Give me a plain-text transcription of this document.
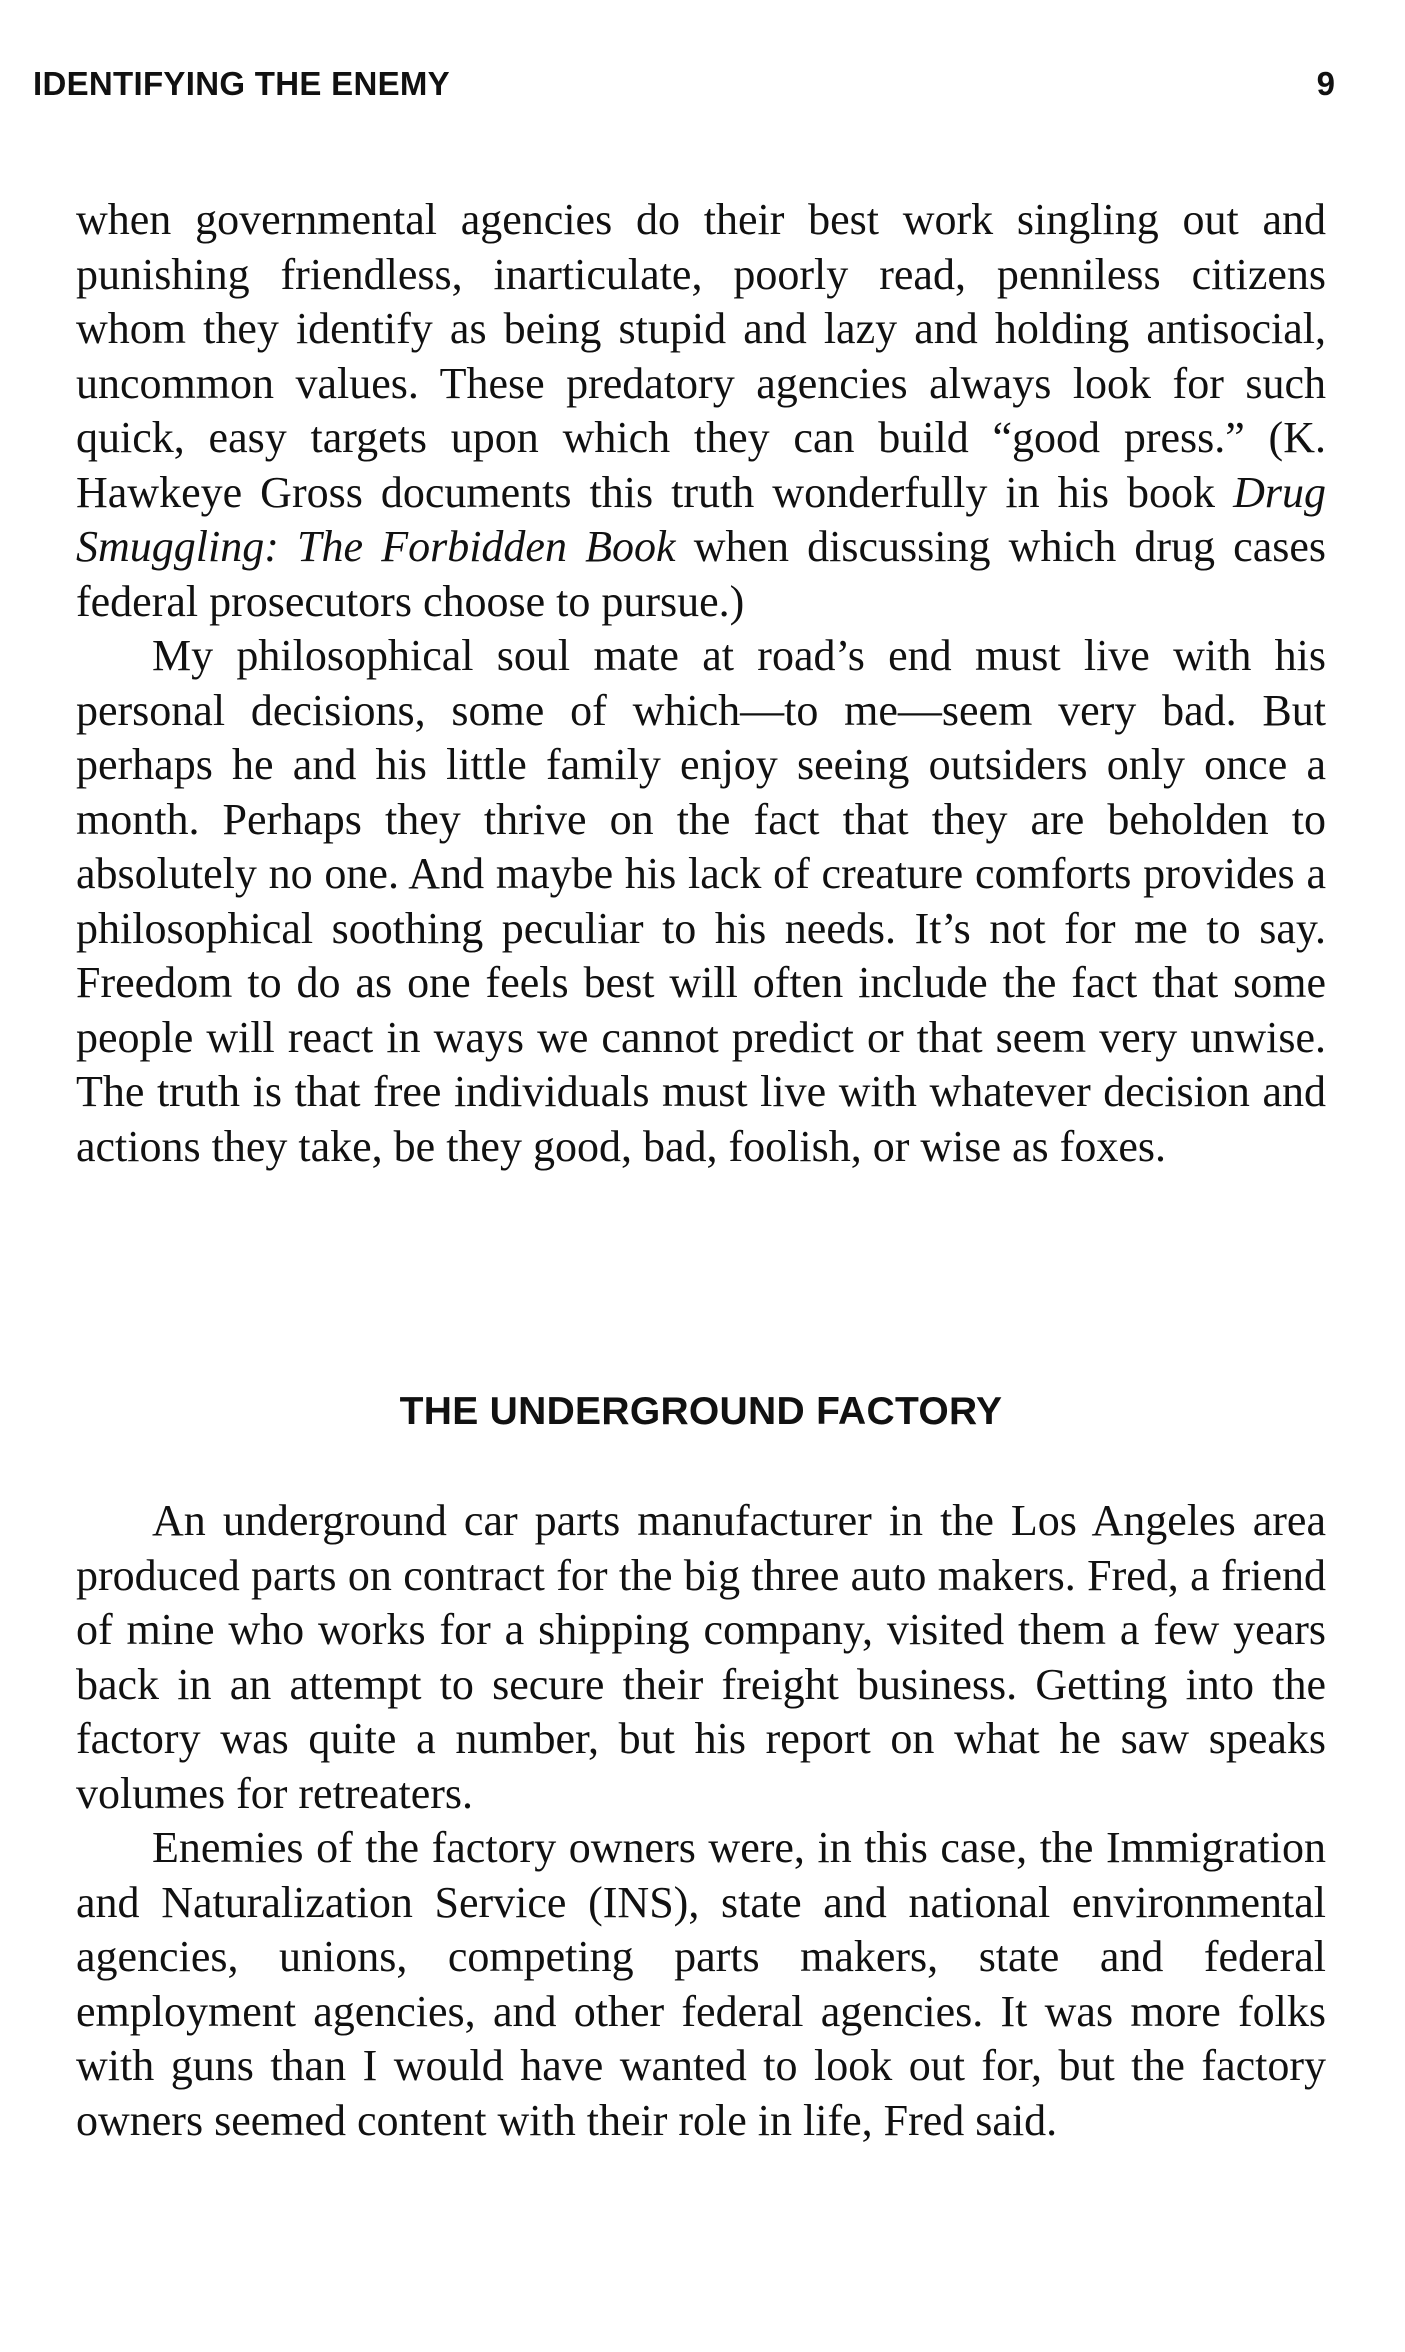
IDENTIFYING THE ENEMY	9

when governmental agencies do their best work singling out and punishing friendless, inarticulate, poorly read, penniless citizens whom they identify as being stupid and lazy and holding antisocial, uncommon values. These predatory agencies always look for such quick, easy targets upon which they can build “good press.” (K. Hawkeye Gross documents this truth wonderfully in his book Drug Smuggling: The Forbidden Book when discussing which drug cases federal prosecutors choose to pursue.)

My philosophical soul mate at road’s end must live with his personal decisions, some of which—to me—seem very bad. But perhaps he and his little family enjoy seeing outsiders only once a month. Perhaps they thrive on the fact that they are beholden to absolutely no one. And maybe his lack of creature comforts provides a philosophical soothing peculiar to his needs. It’s not for me to say. Freedom to do as one feels best will often include the fact that some people will react in ways we cannot predict or that seem very unwise. The truth is that free individuals must live with whatever decision and actions they take, be they good, bad, foolish, or wise as foxes.

THE UNDERGROUND FACTORY

An underground car parts manufacturer in the Los Angeles area produced parts on contract for the big three auto makers. Fred, a friend of mine who works for a shipping company, visited them a few years back in an attempt to secure their freight business. Getting into the factory was quite a number, but his report on what he saw speaks volumes for retreaters.

Enemies of the factory owners were, in this case, the Immigration and Naturalization Service (INS), state and national environmental agencies, unions, competing parts makers, state and federal employment agencies, and other federal agencies. It was more folks with guns than I would have wanted to look out for, but the factory owners seemed content with their role in life, Fred said.
